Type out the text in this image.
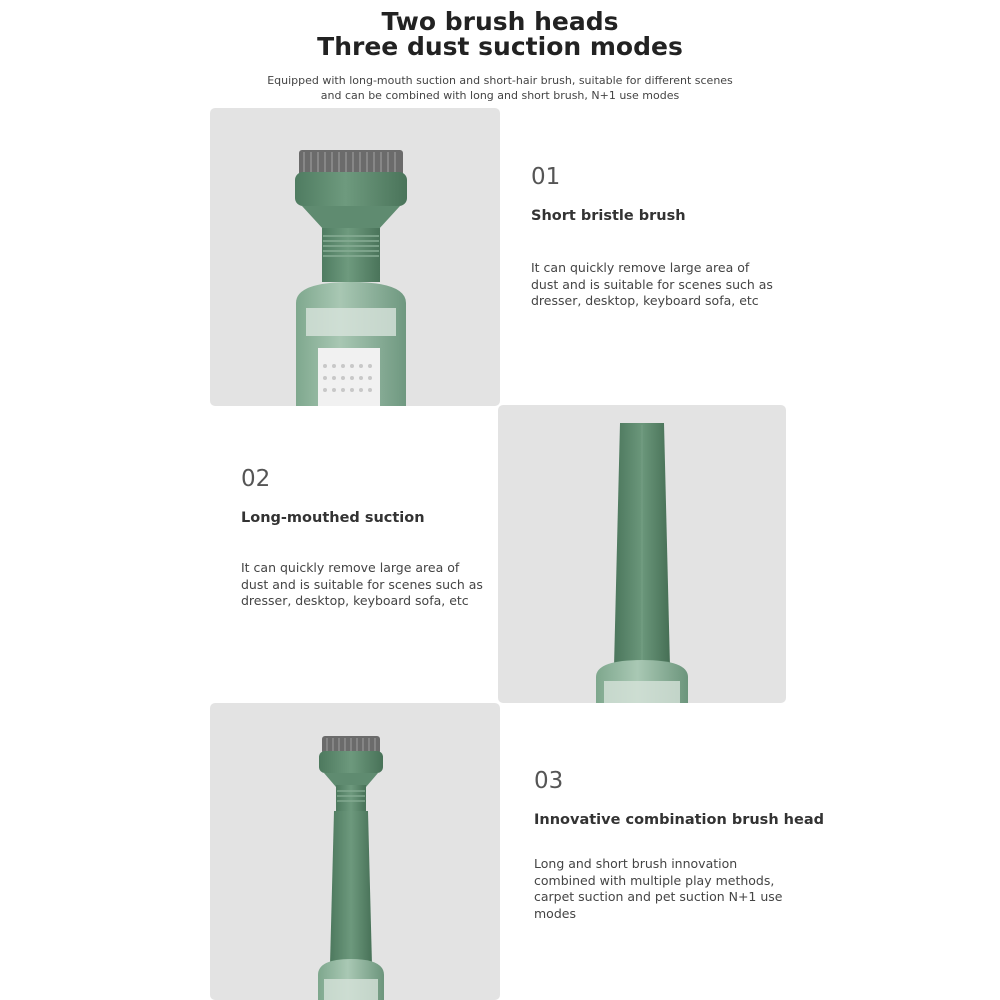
Two brush heads
Three dust suction modes
Equipped with long-mouth suction and short-hair brush, suitable for different scenes
and can be combined with long and short brush, N+1 use modes
01
Short bristle brush
It can quickly remove large area of
dust and is suitable for scenes such as
dresser, desktop, keyboard sofa, etc
02
Long-mouthed suction
It can quickly remove large area of
dust and is suitable for scenes such as
dresser, desktop, keyboard sofa, etc
03
Innovative combination brush head
Long and short brush innovation
combined with multiple play methods,
carpet suction and pet suction N+1 use
modes
